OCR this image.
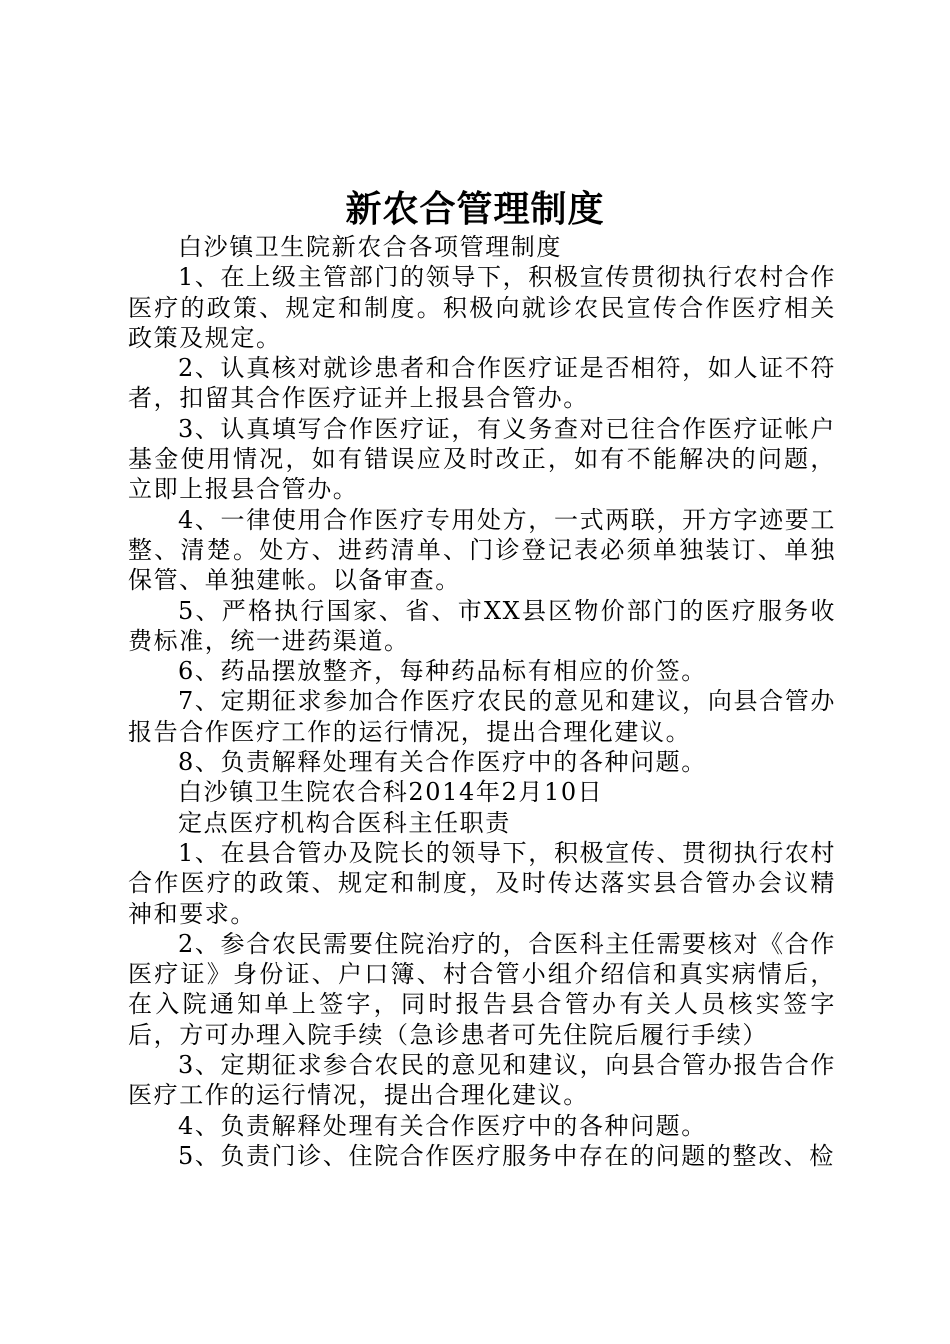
新农合管理制度

白沙镇卫生院新农合各项管理制度

1、在上级主管部门的领导下，积极宣传贯彻执行农村合作医疗的政策、规定和制度。积极向就诊农民宣传合作医疗相关政策及规定。

2、认真核对就诊患者和合作医疗证是否相符，如人证不符者，扣留其合作医疗证并上报县合管办。

3、认真填写合作医疗证，有义务查对已往合作医疗证帐户基金使用情况，如有错误应及时改正，如有不能解决的问题，立即上报县合管办。

4、一律使用合作医疗专用处方，一式两联，开方字迹要工整、清楚。处方、进药清单、门诊登记表必须单独装订、单独保管、单独建帐。以备审查。

5、严格执行国家、省、市XX县区物价部门的医疗服务收费标准，统一进药渠道。

6、药品摆放整齐，每种药品标有相应的价签。

7、定期征求参加合作医疗农民的意见和建议，向县合管办报告合作医疗工作的运行情况，提出合理化建议。

8、负责解释处理有关合作医疗中的各种问题。

白沙镇卫生院农合科2014年2月10日

定点医疗机构合医科主任职责

1、在县合管办及院长的领导下，积极宣传、贯彻执行农村合作医疗的政策、规定和制度，及时传达落实县合管办会议精神和要求。

2、参合农民需要住院治疗的，合医科主任需要核对《合作医疗证》身份证、户口簿、村合管小组介绍信和真实病情后，在入院通知单上签字，同时报告县合管办有关人员核实签字后，方可办理入院手续（急诊患者可先住院后履行手续）

3、定期征求参合农民的意见和建议，向县合管办报告合作医疗工作的运行情况，提出合理化建议。

4、负责解释处理有关合作医疗中的各种问题。

5、负责门诊、住院合作医疗服务中存在的问题的整改、检
